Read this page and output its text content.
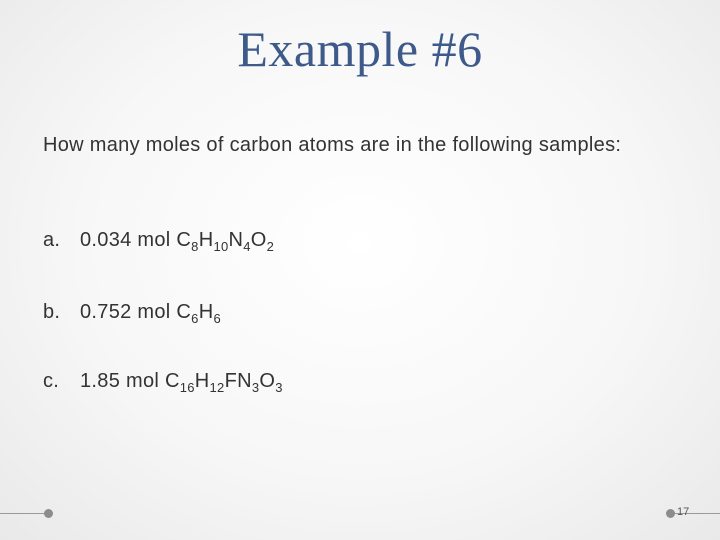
Example #6
How many moles of carbon atoms are in the following samples:
a. 0.034 mol $C_8H_{10}N_4O_2$
b. 0.752 mol $C_6H_6$
c. 1.85 mol $C_{16}H_{12}FN_3O_3$
17
